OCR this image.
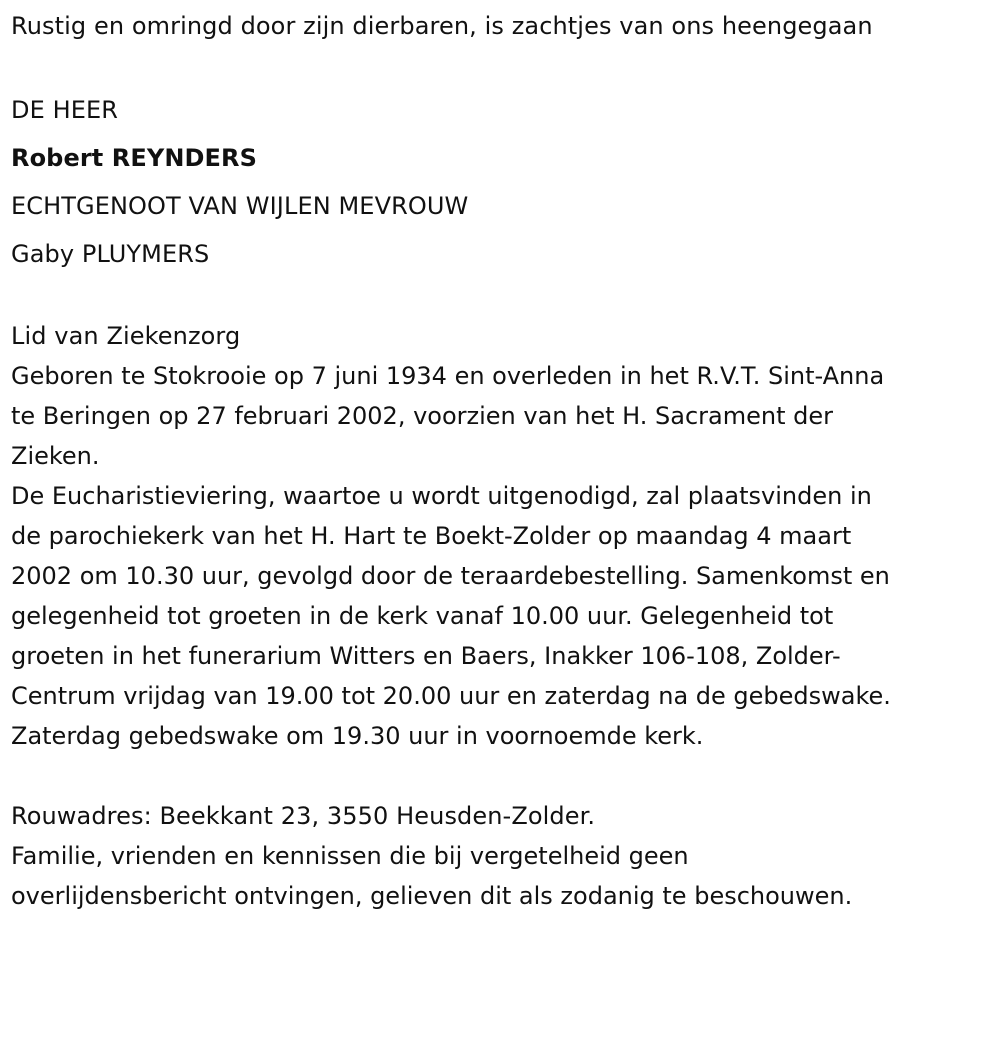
Rustig en omringd door zijn dierbaren, is zachtjes van ons heengegaan

DE HEER

Robert REYNDERS

ECHTGENOOT VAN WIJLEN MEVROUW

Gaby PLUYMERS

Lid van Ziekenzorg

Geboren te Stokrooie op 7 juni 1934 en overleden in het R.V.T. Sint-Anna
te Beringen op 27 februari 2002, voorzien van het H. Sacrament der
Zieken.

De Eucharistieviering, waartoe u wordt uitgenodigd, zal plaatsvinden in
de parochiekerk van het H. Hart te Boekt-Zolder op maandag 4 maart
2002 om 10.30 uur, gevolgd door de teraardebestelling. Samenkomst en
gelegenheid tot groeten in de kerk vanaf 10.00 uur. Gelegenheid tot
groeten in het funerarium Witters en Baers, Inakker 106-108, Zolder-
Centrum vrijdag van 19.00 tot 20.00 uur en zaterdag na de gebedswake.
Zaterdag gebedswake om 19.30 uur in voornoemde kerk.

Rouwadres: Beekkant 23, 3550 Heusden-Zolder.

Familie, vrienden en kennissen die bij vergetelheid geen
overlijdensbericht ontvingen, gelieven dit als zodanig te beschouwen.
